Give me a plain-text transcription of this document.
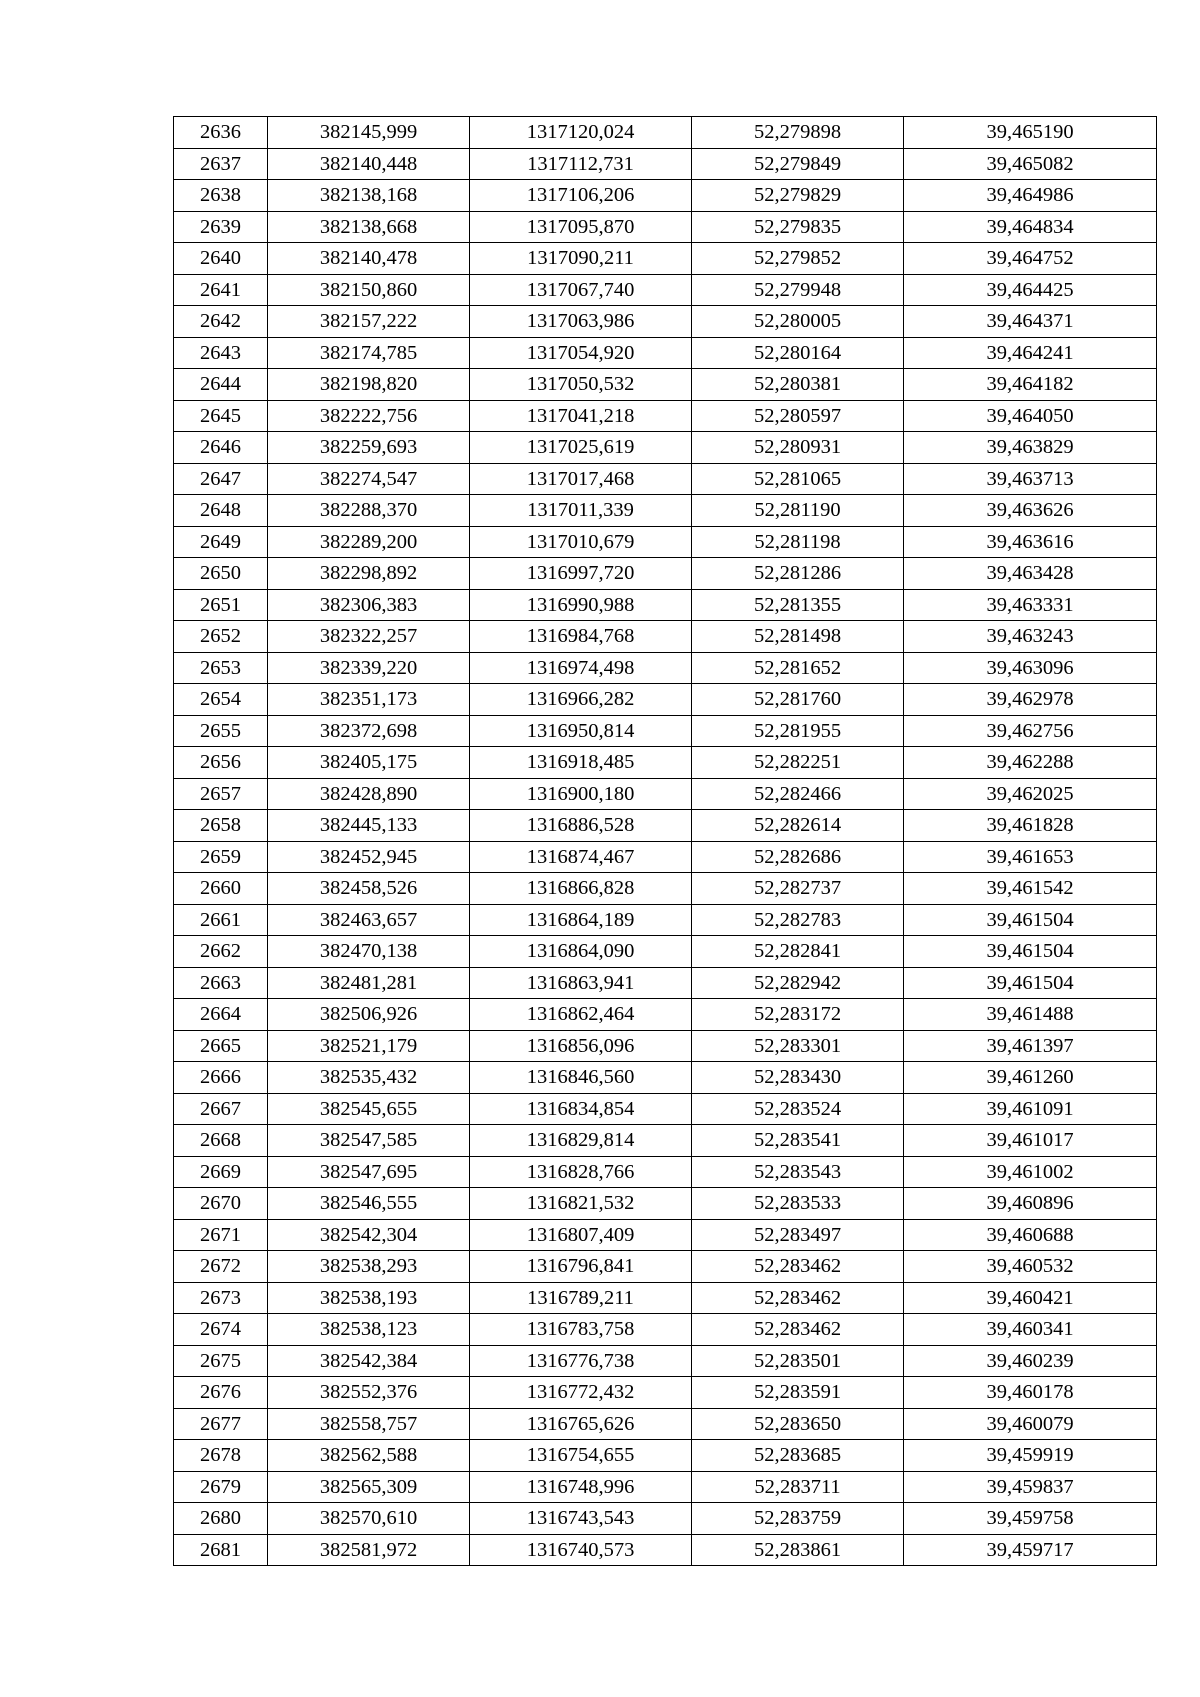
2636	382145,999	1317120,024	52,279898	39,465190
2637	382140,448	1317112,731	52,279849	39,465082
2638	382138,168	1317106,206	52,279829	39,464986
2639	382138,668	1317095,870	52,279835	39,464834
2640	382140,478	1317090,211	52,279852	39,464752
2641	382150,860	1317067,740	52,279948	39,464425
2642	382157,222	1317063,986	52,280005	39,464371
2643	382174,785	1317054,920	52,280164	39,464241
2644	382198,820	1317050,532	52,280381	39,464182
2645	382222,756	1317041,218	52,280597	39,464050
2646	382259,693	1317025,619	52,280931	39,463829
2647	382274,547	1317017,468	52,281065	39,463713
2648	382288,370	1317011,339	52,281190	39,463626
2649	382289,200	1317010,679	52,281198	39,463616
2650	382298,892	1316997,720	52,281286	39,463428
2651	382306,383	1316990,988	52,281355	39,463331
2652	382322,257	1316984,768	52,281498	39,463243
2653	382339,220	1316974,498	52,281652	39,463096
2654	382351,173	1316966,282	52,281760	39,462978
2655	382372,698	1316950,814	52,281955	39,462756
2656	382405,175	1316918,485	52,282251	39,462288
2657	382428,890	1316900,180	52,282466	39,462025
2658	382445,133	1316886,528	52,282614	39,461828
2659	382452,945	1316874,467	52,282686	39,461653
2660	382458,526	1316866,828	52,282737	39,461542
2661	382463,657	1316864,189	52,282783	39,461504
2662	382470,138	1316864,090	52,282841	39,461504
2663	382481,281	1316863,941	52,282942	39,461504
2664	382506,926	1316862,464	52,283172	39,461488
2665	382521,179	1316856,096	52,283301	39,461397
2666	382535,432	1316846,560	52,283430	39,461260
2667	382545,655	1316834,854	52,283524	39,461091
2668	382547,585	1316829,814	52,283541	39,461017
2669	382547,695	1316828,766	52,283543	39,461002
2670	382546,555	1316821,532	52,283533	39,460896
2671	382542,304	1316807,409	52,283497	39,460688
2672	382538,293	1316796,841	52,283462	39,460532
2673	382538,193	1316789,211	52,283462	39,460421
2674	382538,123	1316783,758	52,283462	39,460341
2675	382542,384	1316776,738	52,283501	39,460239
2676	382552,376	1316772,432	52,283591	39,460178
2677	382558,757	1316765,626	52,283650	39,460079
2678	382562,588	1316754,655	52,283685	39,459919
2679	382565,309	1316748,996	52,283711	39,459837
2680	382570,610	1316743,543	52,283759	39,459758
2681	382581,972	1316740,573	52,283861	39,459717
